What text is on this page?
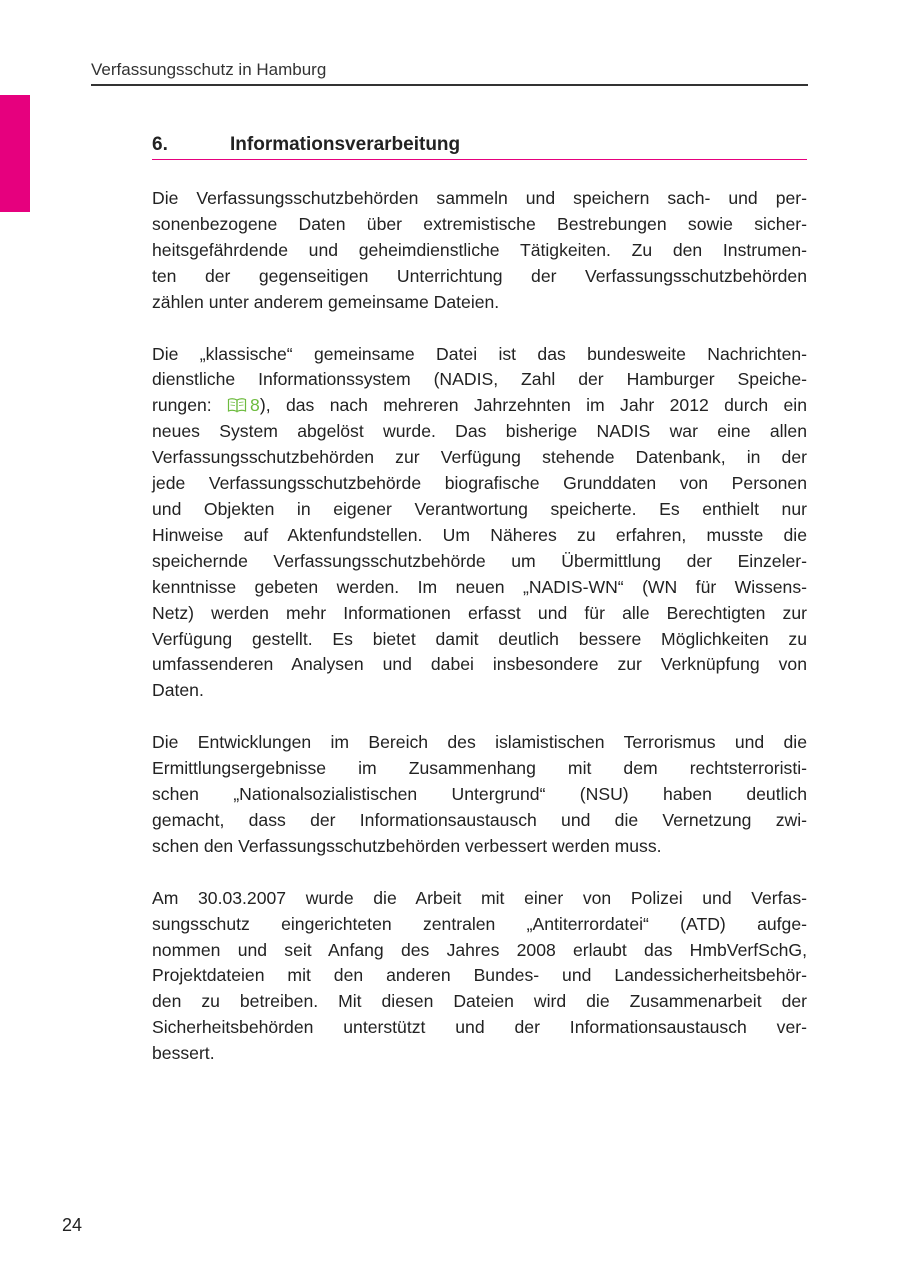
Verfassungsschutz in Hamburg
6.	Informationsverarbeitung

Die Verfassungsschutzbehörden sammeln und speichern sach- und per-
sonenbezogene Daten über extremistische Bestrebungen sowie sicher-
heitsgefährdende und geheimdienstliche Tätigkeiten. Zu den Instrumen-
ten der gegenseitigen Unterrichtung der Verfassungsschutzbehörden
zählen unter anderem gemeinsame Dateien.

Die „klassische“ gemeinsame Datei ist das bundesweite Nachrichten-
dienstliche Informationssystem (NADIS, Zahl der Hamburger Speiche-
rungen: 8), das nach mehreren Jahrzehnten im Jahr 2012 durch ein
neues System abgelöst wurde. Das bisherige NADIS war eine allen
Verfassungsschutzbehörden zur Verfügung stehende Datenbank, in der
jede Verfassungsschutzbehörde biografische Grunddaten von Personen
und Objekten in eigener Verantwortung speicherte. Es enthielt nur
Hinweise auf Aktenfundstellen. Um Näheres zu erfahren, musste die
speichernde Verfassungsschutzbehörde um Übermittlung der Einzeler-
kenntnisse gebeten werden. Im neuen „NADIS-WN“ (WN für Wissens-
Netz) werden mehr Informationen erfasst und für alle Berechtigten zur
Verfügung gestellt. Es bietet damit deutlich bessere Möglichkeiten zu
umfassenderen Analysen und dabei insbesondere zur Verknüpfung von
Daten.

Die Entwicklungen im Bereich des islamistischen Terrorismus und die
Ermittlungsergebnisse im Zusammenhang mit dem rechtsterroristi-
schen „Nationalsozialistischen Untergrund“ (NSU) haben deutlich
gemacht, dass der Informationsaustausch und die Vernetzung zwi-
schen den Verfassungsschutzbehörden verbessert werden muss.

Am 30.03.2007 wurde die Arbeit mit einer von Polizei und Verfas-
sungsschutz eingerichteten zentralen „Antiterrordatei“ (ATD) aufge-
nommen und seit Anfang des Jahres 2008 erlaubt das HmbVerfSchG,
Projektdateien mit den anderen Bundes- und Landessicherheitsbehör-
den zu betreiben. Mit diesen Dateien wird die Zusammenarbeit der
Sicherheitsbehörden unterstützt und der Informationsaustausch ver-
bessert.

24
